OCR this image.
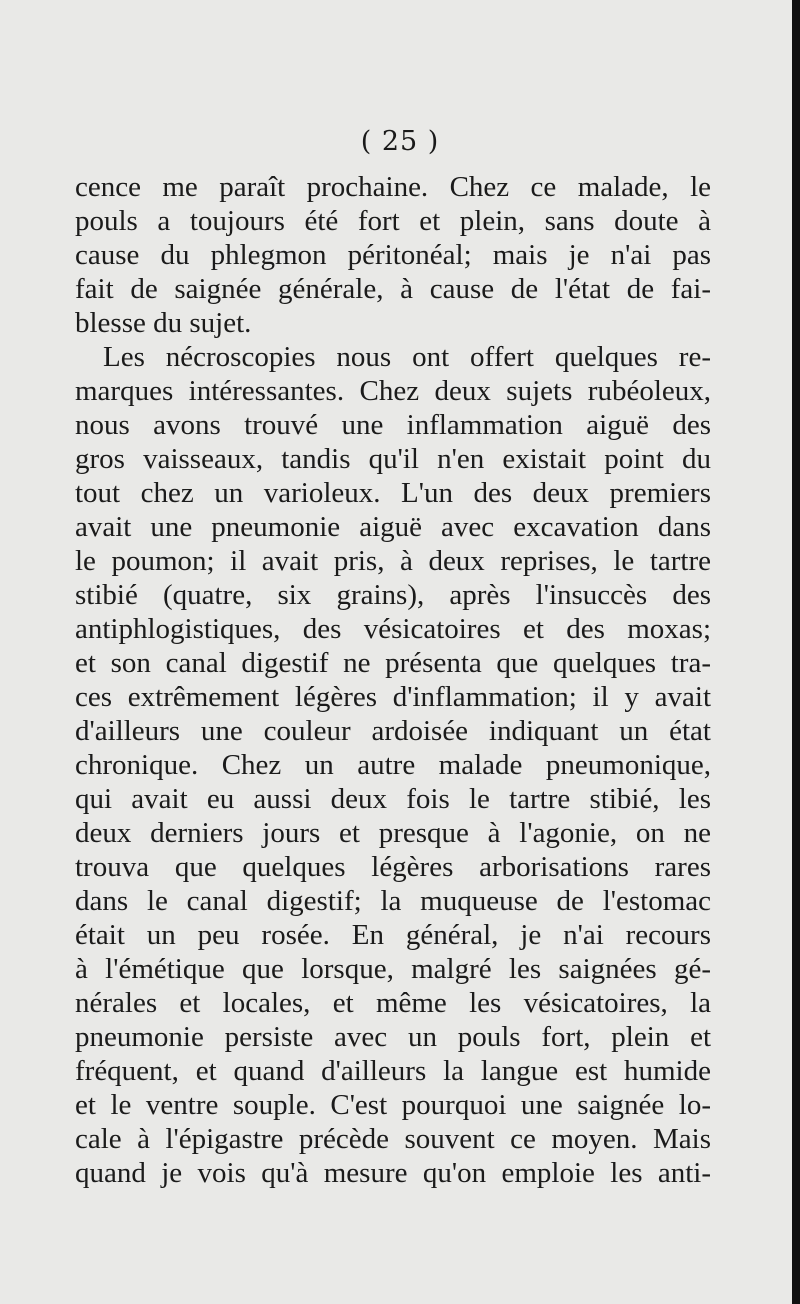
( 25 )
cence me paraît prochaine. Chez ce malade, le
pouls a toujours été fort et plein, sans doute à
cause du phlegmon péritonéal; mais je n'ai pas
fait de saignée générale, à cause de l'état de fai-
blesse du sujet.
Les nécroscopies nous ont offert quelques re-
marques intéressantes. Chez deux sujets rubéoleux,
nous avons trouvé une inflammation aiguë des
gros vaisseaux, tandis qu'il n'en existait point du
tout chez un varioleux. L'un des deux premiers
avait une pneumonie aiguë avec excavation dans
le poumon; il avait pris, à deux reprises, le tartre
stibié (quatre, six grains), après l'insuccès des
antiphlogistiques, des vésicatoires et des moxas;
et son canal digestif ne présenta que quelques tra-
ces extrêmement légères d'inflammation; il y avait
d'ailleurs une couleur ardoisée indiquant un état
chronique. Chez un autre malade pneumonique,
qui avait eu aussi deux fois le tartre stibié, les
deux derniers jours et presque à l'agonie, on ne
trouva que quelques légères arborisations rares
dans le canal digestif; la muqueuse de l'estomac
était un peu rosée. En général, je n'ai recours
à l'émétique que lorsque, malgré les saignées gé-
nérales et locales, et même les vésicatoires, la
pneumonie persiste avec un pouls fort, plein et
fréquent, et quand d'ailleurs la langue est humide
et le ventre souple. C'est pourquoi une saignée lo-
cale à l'épigastre précède souvent ce moyen. Mais
quand je vois qu'à mesure qu'on emploie les anti-
